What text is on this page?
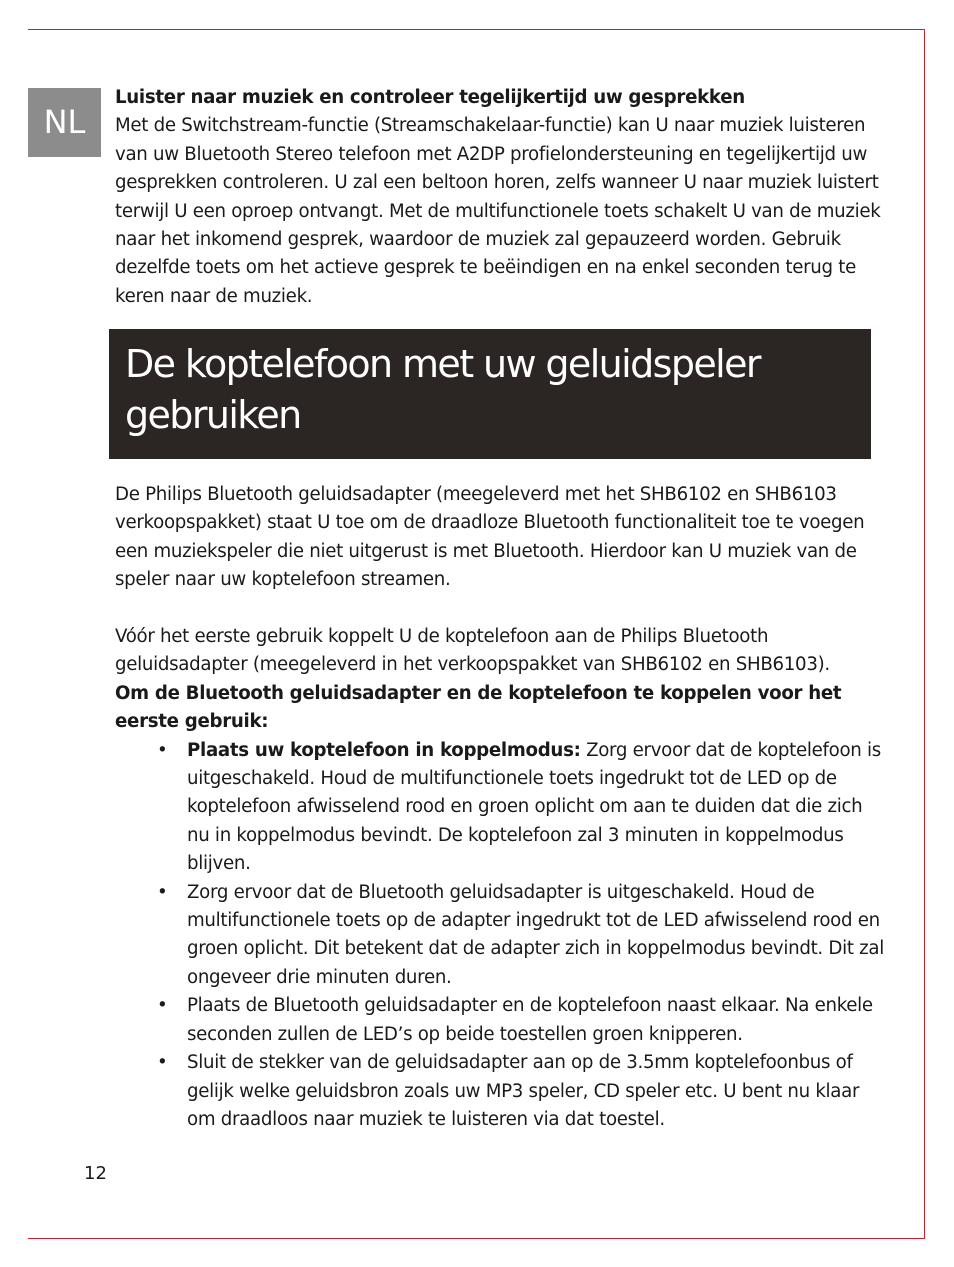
NL
Luister naar muziek en controleer tegelijkertijd uw gesprekken
Met de Switchstream-functie (Streamschakelaar-functie) kan U naar muziek luisteren van uw Bluetooth Stereo telefoon met A2DP profielondersteuning en tegelijkertijd uw gesprekken controleren. U zal een beltoon horen, zelfs wanneer U naar muziek luistert terwijl U een oproep ontvangt. Met de multifunctionele toets schakelt U van de muziek naar het inkomend gesprek, waardoor de muziek zal gepauzeerd worden. Gebruik dezelfde toets om het actieve gesprek te beëindigen en na enkel seconden terug te keren naar de muziek.
De koptelefoon met uw geluidspeler gebruiken
De Philips Bluetooth geluidsadapter (meegeleverd met het SHB6102 en SHB6103 verkoopspakket) staat U toe om de draadloze Bluetooth functionaliteit toe te voegen een muziekspeler die niet uitgerust is met Bluetooth. Hierdoor kan U muziek van de speler naar uw koptelefoon streamen.
Vóór het eerste gebruik koppelt U de koptelefoon aan de Philips Bluetooth geluidsadapter (meegeleverd in het verkoopspakket van SHB6102 en SHB6103).
Om de Bluetooth geluidsadapter en de koptelefoon te koppelen voor het eerste gebruik:
• Plaats uw koptelefoon in koppelmodus: Zorg ervoor dat de koptelefoon is uitgeschakeld. Houd de multifunctionele toets ingedrukt tot de LED op de koptelefoon afwisselend rood en groen oplicht om aan te duiden dat die zich nu in koppelmodus bevindt. De koptelefoon zal 3 minuten in koppelmodus blijven.
• Zorg ervoor dat de Bluetooth geluidsadapter is uitgeschakeld. Houd de multifunctionele toets op de adapter ingedrukt tot de LED afwisselend rood en groen oplicht. Dit betekent dat de adapter zich in koppelmodus bevindt. Dit zal ongeveer drie minuten duren.
• Plaats de Bluetooth geluidsadapter en de koptelefoon naast elkaar. Na enkele seconden zullen de LED’s op beide toestellen groen knipperen.
• Sluit de stekker van de geluidsadapter aan op de 3.5mm koptelefoonbus of gelijk welke geluidsbron zoals uw MP3 speler, CD speler etc. U bent nu klaar om draadloos naar muziek te luisteren via dat toestel.
12
